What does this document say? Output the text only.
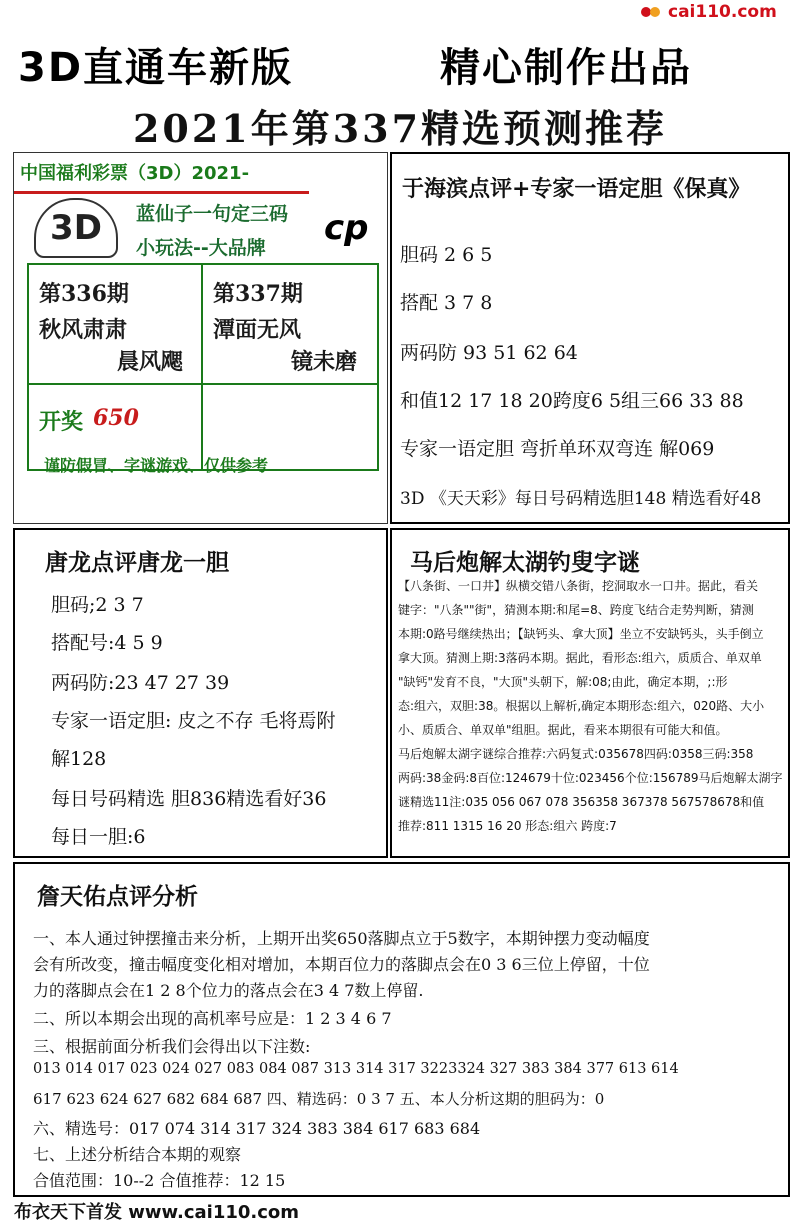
cai110.com
3D直通车新版	精心制作出品
2021年第337精选预测推荐
中国福利彩票（3D）2021-
3D	蓝仙子一句定三码
小玩法--大品牌 cp
第336期
秋风肃肃
晨风飔
第337期
潭面无风
镜未磨
开奖 650
谨防假冒、字谜游戏、仅供参考
于海滨点评+专家一语定胆《保真》
胆码 2 6 5
搭配 3 7 8
两码防 93 51 62 64
和值12 17 18 20跨度6 5组三66 33 88
专家一语定胆 弯折单环双弯连 解069
3D 《天天彩》每日号码精选胆148 精选看好48
唐龙点评唐龙一胆
胆码;2 3 7
搭配号:4 5 9
两码防:23 47 27 39
专家一语定胆: 皮之不存 毛将焉附
解128
每日号码精选 胆836精选看好36
每日一胆:6
马后炮解太湖钓叟字谜
【八条街、一口井】纵横交错八条街，挖洞取水一口井。据此，看关
键字："八条""街"，猜测本期:和尾=8、跨度飞结合走势判断，猜测
本期:0路号继续热出；【缺钙头、拿大顶】坐立不安缺钙头，头手倒立
拿大顶。猜测上期:3落码本期。据此，看形态:组六，质质合、单双单
"缺钙"发育不良，"大顶"头朝下，解:08;由此，确定本期，;:形
态:组六，双胆:38。根据以上解析,确定本期形态:组六，020路、大小
小、质质合、单双单"组胆。据此，看来本期很有可能大和值。
马后炮解太湖字谜综合推荐:六码复式:035678四码:0358三码:358
两码:38金码:8百位:124679十位:023456个位:156789马后炮解太湖字
谜精选11注:035 056 067 078 356358 367378 567578678和值
推荐:811 1315 16 20 形态:组六 跨度:7
詹天佑点评分析
一、本人通过钟摆撞击来分析，上期开出奖650落脚点立于5数字，本期钟摆力变动幅度
会有所改变，撞击幅度变化相对增加，本期百位力的落脚点会在0 3 6三位上停留，十位
力的落脚点会在1 2 8个位力的落点会在3 4 7数上停留.
二、所以本期会出现的高机率号应是：1 2 3 4 6 7
三、根据前面分析我们会得出以下注数:
013 014 017 023 024 027 083 084 087 313 314 317 3223324 327 383 384 377 613 614
617 623 624 627 682 684 687 四、精选码：0 3 7 五、本人分析这期的胆码为：0
六、精选号：017 074 314 317 324 383 384 617 683 684
七、上述分析结合本期的观察
合值范围：10--2 合值推荐：12 15
布衣天下首发 www.cai110.com
